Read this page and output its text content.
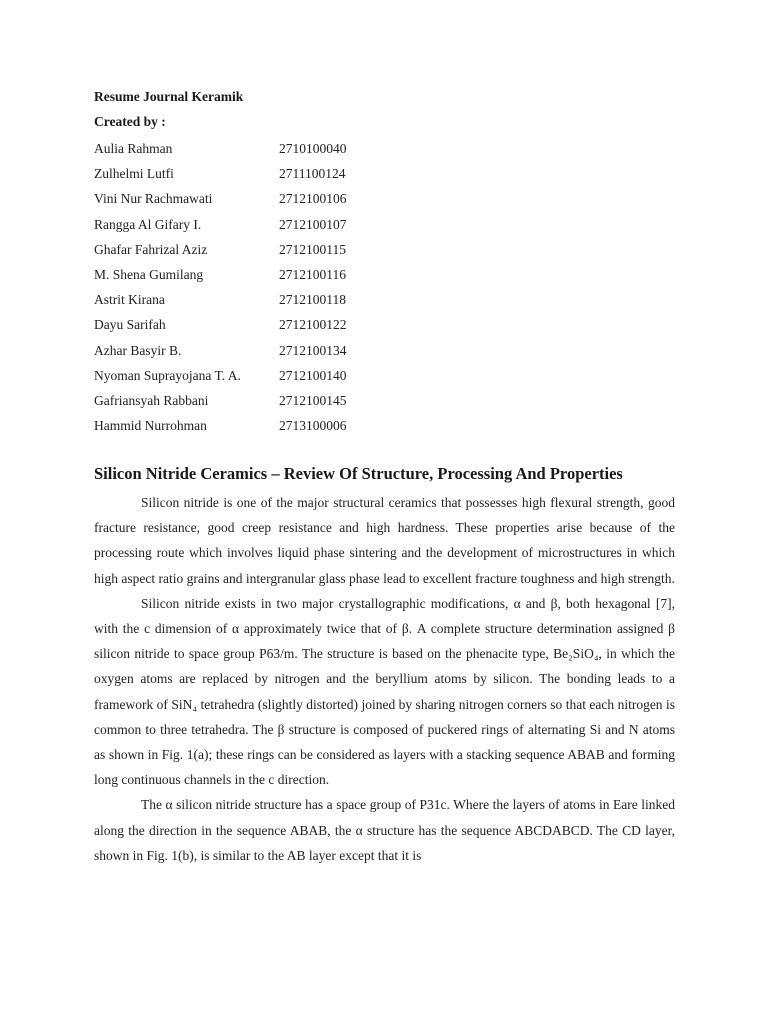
Resume Journal Keramik
Created by :
Aulia Rahman	2710100040
Zulhelmi Lutfi	2711100124
Vini Nur Rachmawati	2712100106
Rangga Al Gifary I.	2712100107
Ghafar Fahrizal Aziz	2712100115
M. Shena Gumilang	2712100116
Astrit Kirana	2712100118
Dayu Sarifah	2712100122
Azhar Basyir B.	2712100134
Nyoman Suprayojana T. A.	2712100140
Gafriansyah Rabbani	2712100145
Hammid Nurrohman	2713100006
Silicon Nitride Ceramics – Review Of Structure, Processing And Properties

Silicon nitride is one of the major structural ceramics that possesses high flexural strength, good fracture resistance, good creep resistance and high hardness. These properties arise because of the processing route which involves liquid phase sintering and the development of microstructures in which high aspect ratio grains and intergranular glass phase lead to excellent fracture toughness and high strength.

Silicon nitride exists in two major crystallographic modifications, α and β, both hexagonal [7], with the c dimension of α approximately twice that of β. A complete structure determination assigned β silicon nitride to space group P63/m. The structure is based on the phenacite type, Be₂SiO₄, in which the oxygen atoms are replaced by nitrogen and the beryllium atoms by silicon. The bonding leads to a framework of SiN₄ tetrahedra (slightly distorted) joined by sharing nitrogen corners so that each nitrogen is common to three tetrahedra. The β structure is composed of puckered rings of alternating Si and N atoms as shown in Fig. 1(a); these rings can be considered as layers with a stacking sequence ABAB and forming long continuous channels in the c direction.

The α silicon nitride structure has a space group of P31c. Where the layers of atoms in Eare linked along the direction in the sequence ABAB, the α structure has the sequence ABCDABCD. The CD layer, shown in Fig. 1(b), is similar to the AB layer except that it is
